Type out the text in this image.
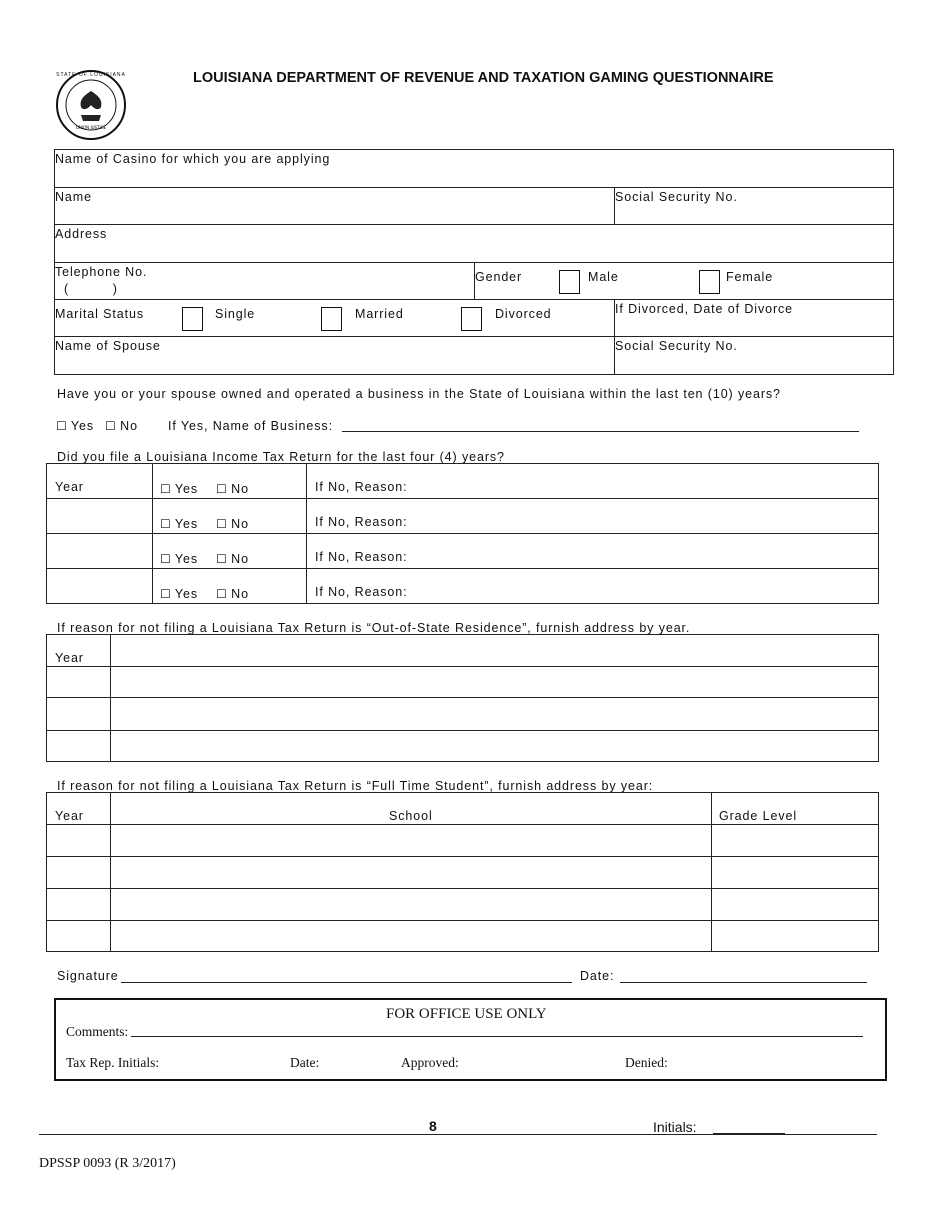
UNION JUSTICE
STATE OF LOUISIANA	LOUISIANA DEPARTMENT OF REVENUE AND TAXATION GAMING QUESTIONNAIRE
Name of Casino for which you are applying
Name	Social Security No.
Address
Telephone No.
(          )
Gender	Male	Female
Marital Status	Single	Married	Divorced	If Divorced, Date of Divorce
Name of Spouse	Social Security No.
Have you or your spouse owned and operated a business in the State of Louisiana within the last ten (10) years?
☐ Yes ☐ No If Yes, Name of Business:
Did you file a Louisiana Income Tax Return for the last four (4) years?
Year	☐ Yes ☐ No	If No, Reason:
☐ Yes ☐ No	If No, Reason:
☐ Yes ☐ No	If No, Reason:
☐ Yes ☐ No	If No, Reason:
If reason for not filing a Louisiana Tax Return is “Out-of-State Residence”, furnish address by year.
Year
If reason for not filing a Louisiana Tax Return is “Full Time Student”, furnish address by year:
Year	School	Grade Level
Signature	Date:
FOR OFFICE USE ONLY
Comments:
Tax Rep. Initials:	Date:	Approved:	Denied:
8	Initials:
DPSSP 0093 (R 3/2017)
